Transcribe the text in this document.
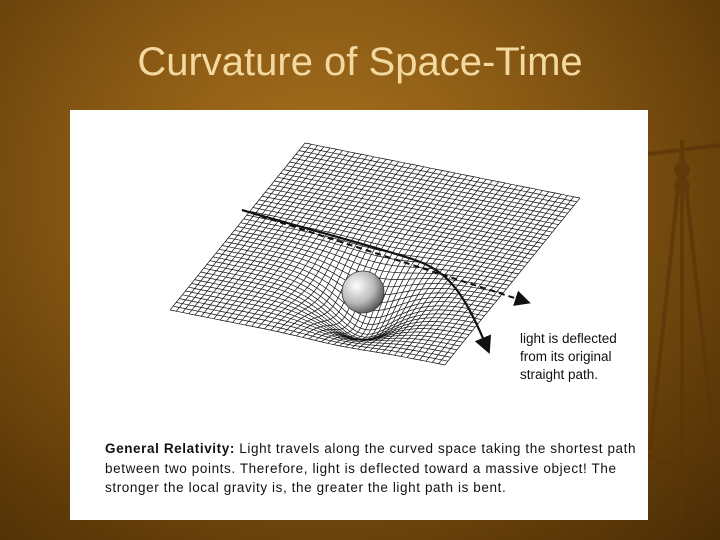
Curvature of Space-Time
light is deflected
from its original
straight path.
General Relativity: Light travels along the curved space taking the shortest path between two points. Therefore, light is deflected toward a massive object! The stronger the local gravity is, the greater the light path is bent.
